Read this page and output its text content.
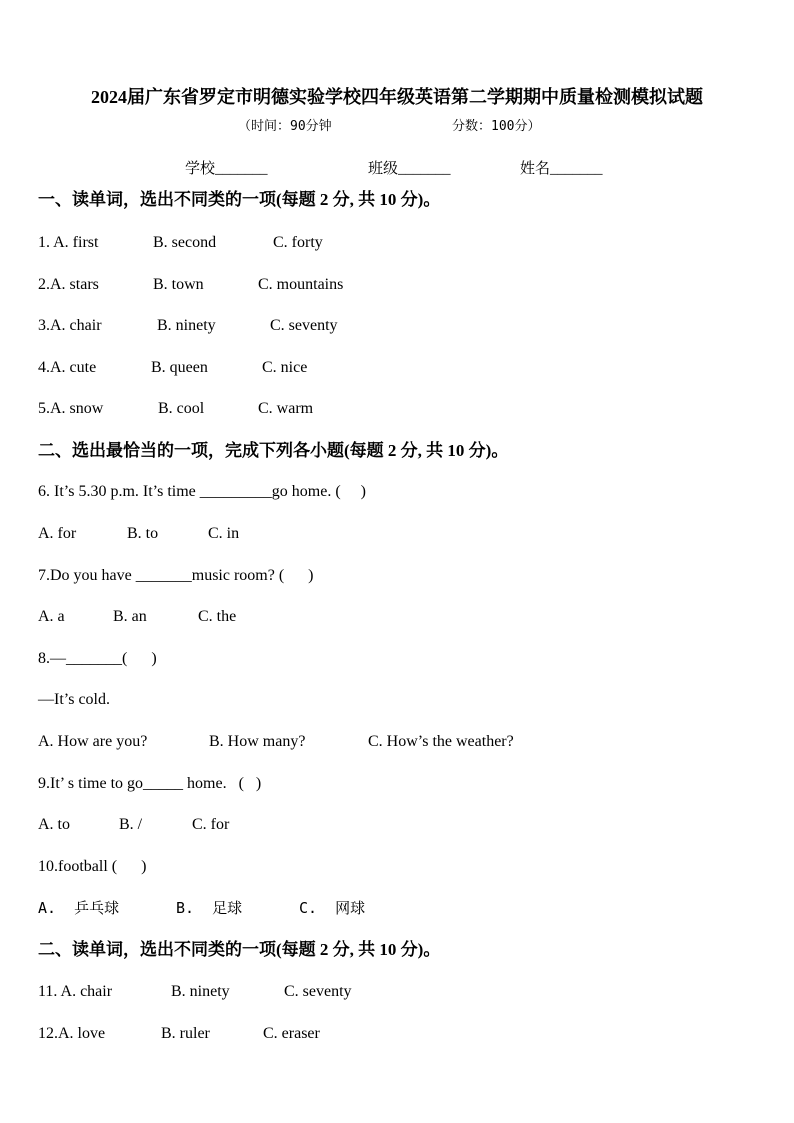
2024届广东省罗定市明德实验学校四年级英语第二学期期中质量检测模拟试题
（时间：90分钟	分数：100分）
学校_______	班级_______	姓名_______
一、读单词，选出不同类的一项(每题 2 分, 共 10 分)。
1. A. first	B. second	C. forty
2.A. stars	B. town	C. mountains
3.A. chair	B. ninety	C. seventy
4.A. cute	B. queen	C. nice
5.A. snow	B. cool	C. warm
二、选出最恰当的一项，完成下列各小题(每题 2 分, 共 10 分)。
6. It’s 5.30 p.m. It’s time _________go home. (     )
A. for	B. to	C. in
7.Do you have _______music room? (      )
A. a	B. an	C. the
8.—_______(      )
—It’s cold.
A. How are you?	B. How many?	C. How’s the weather?
9.It’ s time to go_____ home.   (   )
A. to	B. /	C. for
10.football (      )
A.  乒乓球	B.  足球	C.  网球
二、读单词，选出不同类的一项(每题 2 分, 共 10 分)。
11. A. chair	B. ninety	C. seventy
12.A. love	B. ruler	C. eraser
